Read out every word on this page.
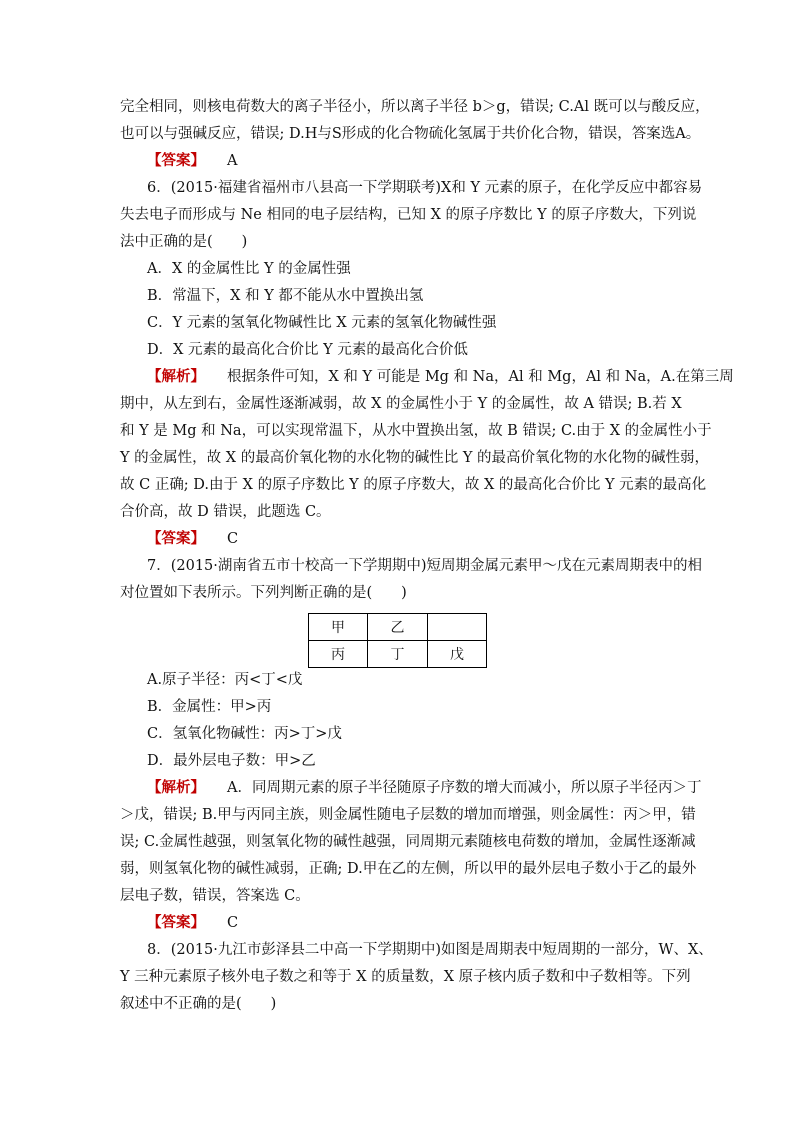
完全相同，则核电荷数大的离子半径小，所以离子半径 b＞g，错误; C.Al 既可以与酸反应，
也可以与强碱反应，错误; D.H与S形成的化合物硫化氢属于共价化合物，错误，答案选A。
【答案】 A
6．(2015·福建省福州市八县高一下学期联考)X和 Y 元素的原子，在化学反应中都容易
失去电子而形成与 Ne 相同的电子层结构，已知 X 的原子序数比 Y 的原子序数大，下列说
法中正确的是(　　)
A．X 的金属性比 Y 的金属性强
B．常温下，X 和 Y 都不能从水中置换出氢
C．Y 元素的氢氧化物碱性比 X 元素的氢氧化物碱性强
D．X 元素的最高化合价比 Y 元素的最高化合价低
【解析】 根据条件可知，X 和 Y 可能是 Mg 和 Na，Al 和 Mg，Al 和 Na，A.在第三周
期中，从左到右，金属性逐渐减弱，故 X 的金属性小于 Y 的金属性，故 A 错误; B.若 X
和 Y 是 Mg 和 Na，可以实现常温下，从水中置换出氢，故 B 错误; C.由于 X 的金属性小于
Y 的金属性，故 X 的最高价氧化物的水化物的碱性比 Y 的最高价氧化物的水化物的碱性弱，
故 C 正确; D.由于 X 的原子序数比 Y 的原子序数大，故 X 的最高化合价比 Y 元素的最高化
合价高，故 D 错误，此题选 C。
【答案】 C
7．(2015·湖南省五市十校高一下学期期中)短周期金属元素甲～戊在元素周期表中的相
对位置如下表所示。下列判断正确的是(　　)
甲	乙	
丙	丁	戊
A.原子半径：丙<丁<戊
B．金属性：甲>丙
C．氢氧化物碱性：丙>丁>戊
D．最外层电子数：甲>乙
【解析】 A．同周期元素的原子半径随原子序数的增大而减小，所以原子半径丙＞丁
＞戊，错误; B.甲与丙同主族，则金属性随电子层数的增加而增强，则金属性：丙＞甲，错
误; C.金属性越强，则氢氧化物的碱性越强，同周期元素随核电荷数的增加，金属性逐渐减
弱，则氢氧化物的碱性减弱，正确; D.甲在乙的左侧，所以甲的最外层电子数小于乙的最外
层电子数，错误，答案选 C。
【答案】 C
8．(2015·九江市彭泽县二中高一下学期期中)如图是周期表中短周期的一部分，W、X、
Y 三种元素原子核外电子数之和等于 X 的质量数，X 原子核内质子数和中子数相等。下列
叙述中不正确的是(　　)
